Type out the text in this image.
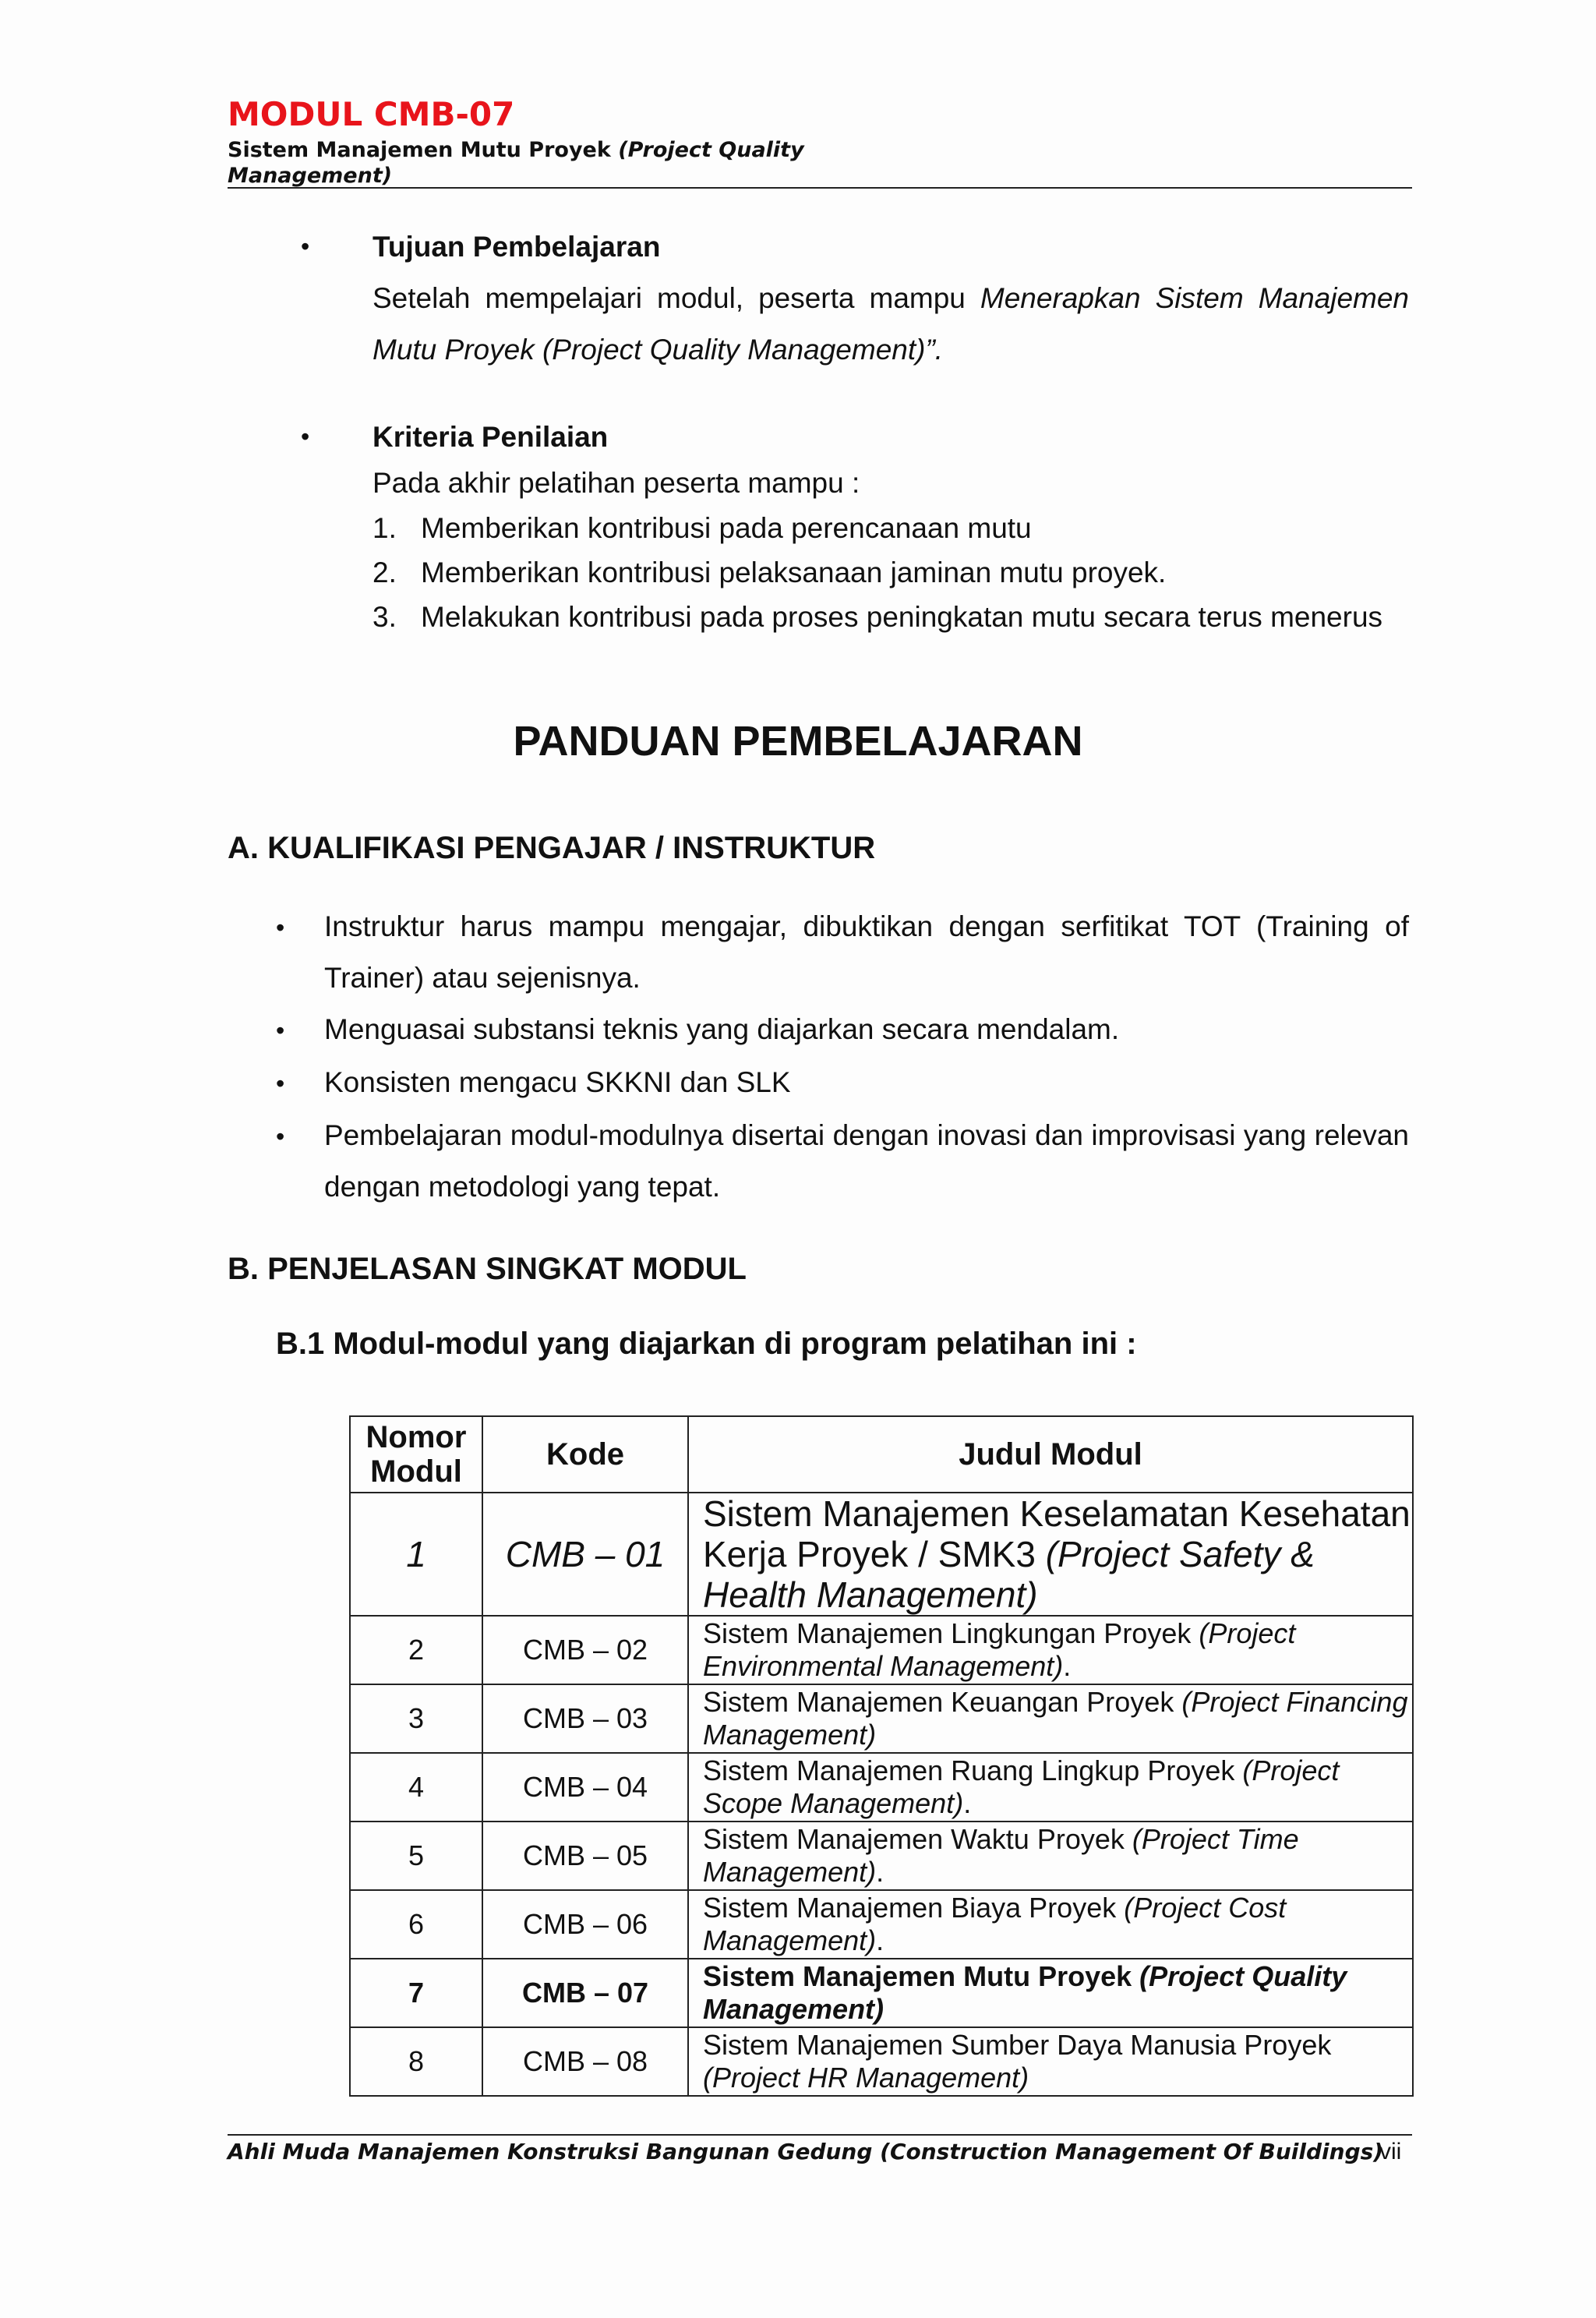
MODUL CMB-07
Sistem Manajemen Mutu Proyek (Project Quality Management)
• Tujuan Pembelajaran
Setelah mempelajari modul, peserta mampu Menerapkan Sistem Manajemen Mutu Proyek (Project Quality Management)”.
• Kriteria Penilaian
Pada akhir pelatihan peserta mampu :
1. Memberikan kontribusi pada perencanaan mutu
2. Memberikan kontribusi pelaksanaan jaminan mutu proyek.
3. Melakukan kontribusi pada proses peningkatan mutu secara terus menerus
PANDUAN PEMBELAJARAN
A. KUALIFIKASI PENGAJAR / INSTRUKTUR
• Instruktur harus mampu mengajar, dibuktikan dengan serfitikat TOT (Training of Trainer) atau sejenisnya.
• Menguasai substansi teknis yang diajarkan secara mendalam.
• Konsisten mengacu SKKNI dan SLK
• Pembelajaran modul-modulnya disertai dengan inovasi dan improvisasi yang relevan dengan metodologi yang tepat.
B. PENJELASAN SINGKAT MODUL
B.1 Modul-modul yang diajarkan di program pelatihan ini :
Nomor Modul	Kode	Judul Modul
1	CMB – 01	Sistem Manajemen Keselamatan Kesehatan Kerja Proyek / SMK3 (Project Safety & Health Management)
2	CMB – 02	Sistem Manajemen Lingkungan Proyek (Project Environmental Management).
3	CMB – 03	Sistem Manajemen Keuangan Proyek (Project Financing Management)
4	CMB – 04	Sistem Manajemen Ruang Lingkup Proyek (Project Scope Management).
5	CMB – 05	Sistem Manajemen Waktu Proyek (Project Time Management).
6	CMB – 06	Sistem Manajemen Biaya Proyek (Project Cost Management).
7	CMB – 07	Sistem Manajemen Mutu Proyek (Project Quality Management)
8	CMB – 08	Sistem Manajemen Sumber Daya Manusia Proyek (Project HR Management)
Ahli Muda Manajemen Konstruksi Bangunan Gedung (Construction Management Of Buildings)
vii
